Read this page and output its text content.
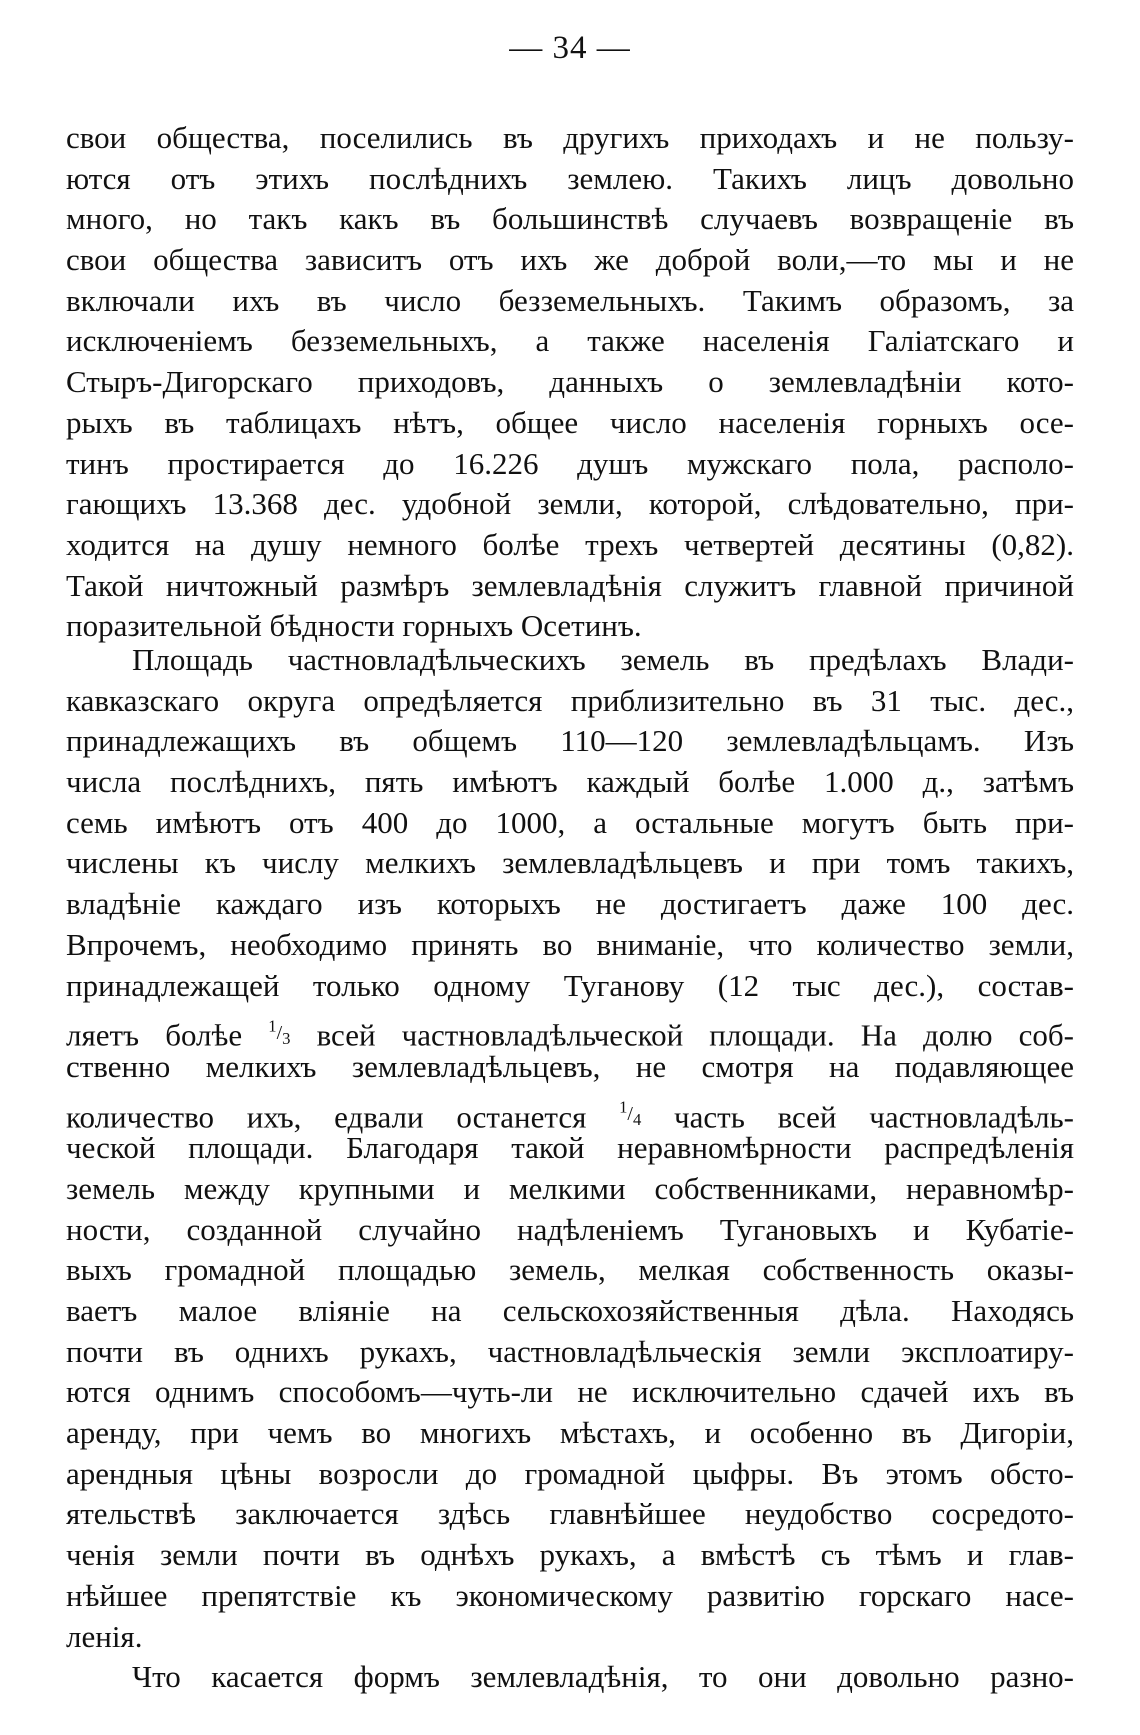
— 34 —
свои общества, поселились въ другихъ приходахъ и не пользу-
ются отъ этихъ послѣднихъ землею. Такихъ лицъ довольно
много, но такъ какъ въ большинствѣ случаевъ возвращеніе въ
свои общества зависитъ отъ ихъ же доброй воли,—то мы и не
включали ихъ въ число безземельныхъ. Такимъ образомъ, за
исключеніемъ безземельныхъ, а также населенія Галіатскаго и
Стыръ-Дигорскаго приходовъ, данныхъ о землевладѣніи кото-
рыхъ въ таблицахъ нѣтъ, общее число населенія горныхъ осе-
тинъ простирается до 16.226 душъ мужскаго пола, располо-
гающихъ 13.368 дес. удобной земли, которой, слѣдовательно, при-
ходится на душу немного болѣе трехъ четвертей десятины (0,82).
Такой ничтожный размѣръ землевладѣнія служитъ главной причиной
поразительной бѣдности горныхъ Осетинъ.
Площадь частновладѣльческихъ земель въ предѣлахъ Влади-
кавказскаго округа опредѣляется приблизительно въ 31 тыс. дес.,
принадлежащихъ въ общемъ 110—120 землевладѣльцамъ. Изъ
числа послѣднихъ, пять имѣютъ каждый болѣе 1.000 д., затѣмъ
семь имѣютъ отъ 400 до 1000, а остальные могутъ быть при-
числены къ числу мелкихъ землевладѣльцевъ и при томъ такихъ,
владѣніе каждаго изъ которыхъ не достигаетъ даже 100 дес.
Впрочемъ, необходимо принять во вниманіе, что количество земли,
принадлежащей только одному Туганову (12 тыс дес.), состав-
ляетъ болѣе $^{^1/_3}$ всей частновладѣльческой площади. На долю соб-
ственно мелкихъ землевладѣльцевъ, не смотря на подавляющее
количество ихъ, едвали останется $^{^1/_4}$ часть всей частновладѣль-
ческой площади. Благодаря такой неравномѣрности распредѣленія
земель между крупными и мелкими собственниками, неравномѣр-
ности, созданной случайно надѣленіемъ Тугановыхъ и Кубатіе-
выхъ громадной площадью земель, мелкая собственность оказы-
ваетъ малое вліяніе на сельскохозяйственныя дѣла. Находясь
почти въ однихъ рукахъ, частновладѣльческія земли эксплоатиру-
ются однимъ способомъ—чуть-ли не исключительно сдачей ихъ въ
аренду, при чемъ во многихъ мѣстахъ, и особенно въ Дигоріи,
арендныя цѣны возросли до громадной цыфры. Въ этомъ обсто-
ятельствѣ заключается здѣсь главнѣйшее неудобство сосредото-
ченія земли почти въ однѣхъ рукахъ, а вмѣстѣ съ тѣмъ и глав-
нѣйшее препятствіе къ экономическому развитію горскаго насе-
ленія.
Что касается формъ землевладѣнія, то они довольно разно-
